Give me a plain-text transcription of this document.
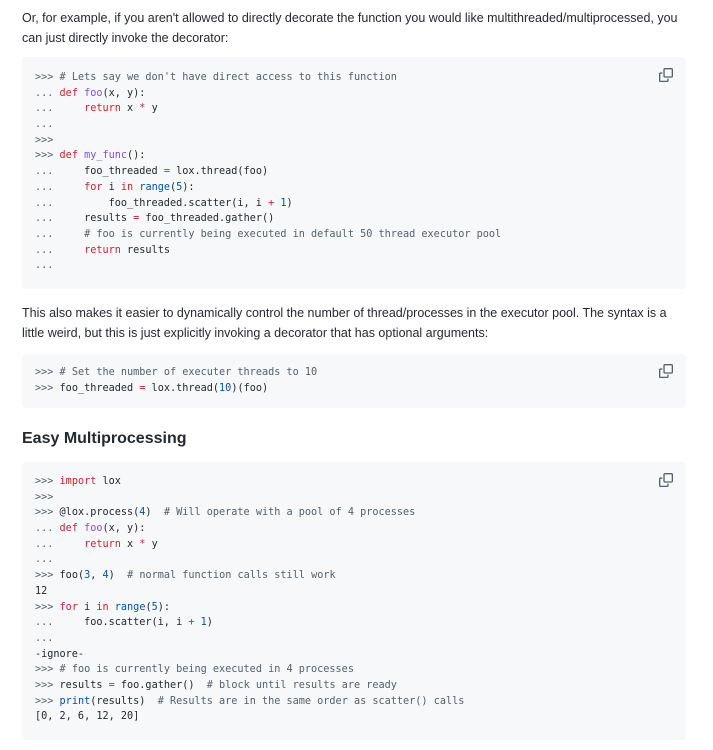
Or, for example, if you aren't allowed to directly decorate the function you would like multithreaded/multiprocessed, you can just directly invoke the decorator:

>>> # Lets say we don't have direct access to this function
... def foo(x, y):
...     return x * y
...
>>>
>>> def my_func():
...     foo_threaded = lox.thread(foo)
...     for i in range(5):
...         foo_threaded.scatter(i, i + 1)
...     results = foo_threaded.gather()
...     # foo is currently being executed in default 50 thread executor pool
...     return results
...

This also makes it easier to dynamically control the number of thread/processes in the executor pool. The syntax is a little weird, but this is just explicitly invoking a decorator that has optional arguments:

>>> # Set the number of executer threads to 10
>>> foo_threaded = lox.thread(10)(foo)
Easy Multiprocessing
>>> import lox
>>>
>>> @lox.process(4)  # Will operate with a pool of 4 processes
... def foo(x, y):
...     return x * y
...
>>> foo(3, 4)  # normal function calls still work
12
>>> for i in range(5):
...     foo.scatter(i, i + 1)
...
-ignore-
>>> # foo is currently being executed in 4 processes
>>> results = foo.gather()  # block until results are ready
>>> print(results)  # Results are in the same order as scatter() calls
[0, 2, 6, 12, 20]
